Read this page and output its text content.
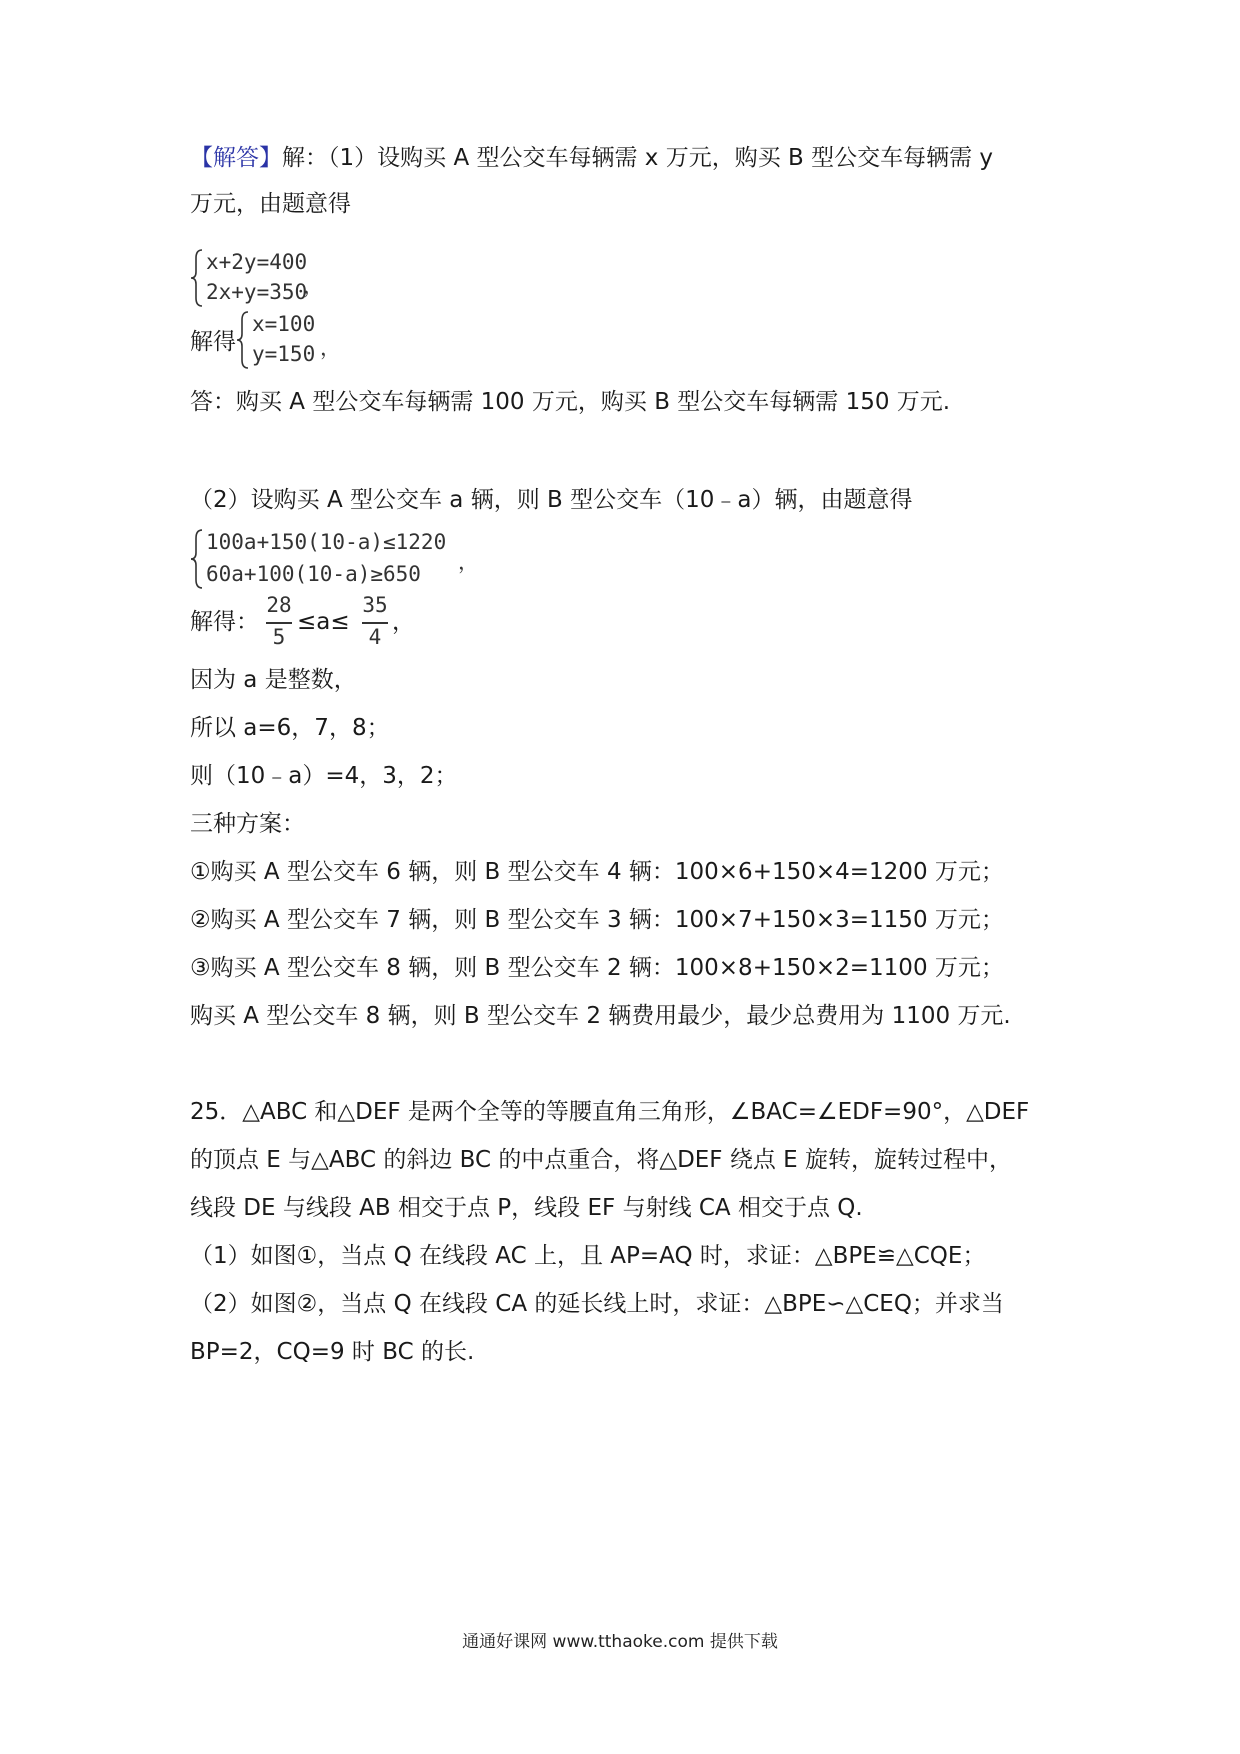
【解答】解：（1）设购买 A 型公交车每辆需 x 万元，购买 B 型公交车每辆需 y
万元，由题意得
x+2y=400
2x+y=350
，
解得
x=100
y=150 ，
答：购买 A 型公交车每辆需 100 万元，购买 B 型公交车每辆需 150 万元.
（2）设购买 A 型公交车 a 辆，则 B 型公交车（10﹣a）辆，由题意得
100a+150(10-a)≤1220
60a+100(10-a)≥650 ，
解得：
28
5
≤a≤
35
4
，
因为 a 是整数，
所以 a=6，7，8；
则（10﹣a）=4，3，2；
三种方案：
①购买 A 型公交车 6 辆，则 B 型公交车 4 辆：100×6+150×4=1200 万元；
②购买 A 型公交车 7 辆，则 B 型公交车 3 辆：100×7+150×3=1150 万元；
③购买 A 型公交车 8 辆，则 B 型公交车 2 辆：100×8+150×2=1100 万元；
购买 A 型公交车 8 辆，则 B 型公交车 2 辆费用最少，最少总费用为 1100 万元.
25．△ABC 和△DEF 是两个全等的等腰直角三角形，∠BAC=∠EDF=90°，△DEF
的顶点 E 与△ABC 的斜边 BC 的中点重合，将△DEF 绕点 E 旋转，旋转过程中，
线段 DE 与线段 AB 相交于点 P，线段 EF 与射线 CA 相交于点 Q.
（1）如图①，当点 Q 在线段 AC 上，且 AP=AQ 时，求证：△BPE≌△CQE；
（2）如图②，当点 Q 在线段 CA 的延长线上时，求证：△BPE∽△CEQ；并求当
BP=2，CQ=9 时 BC 的长.
通通好课网 www.tthaoke.com 提供下载
